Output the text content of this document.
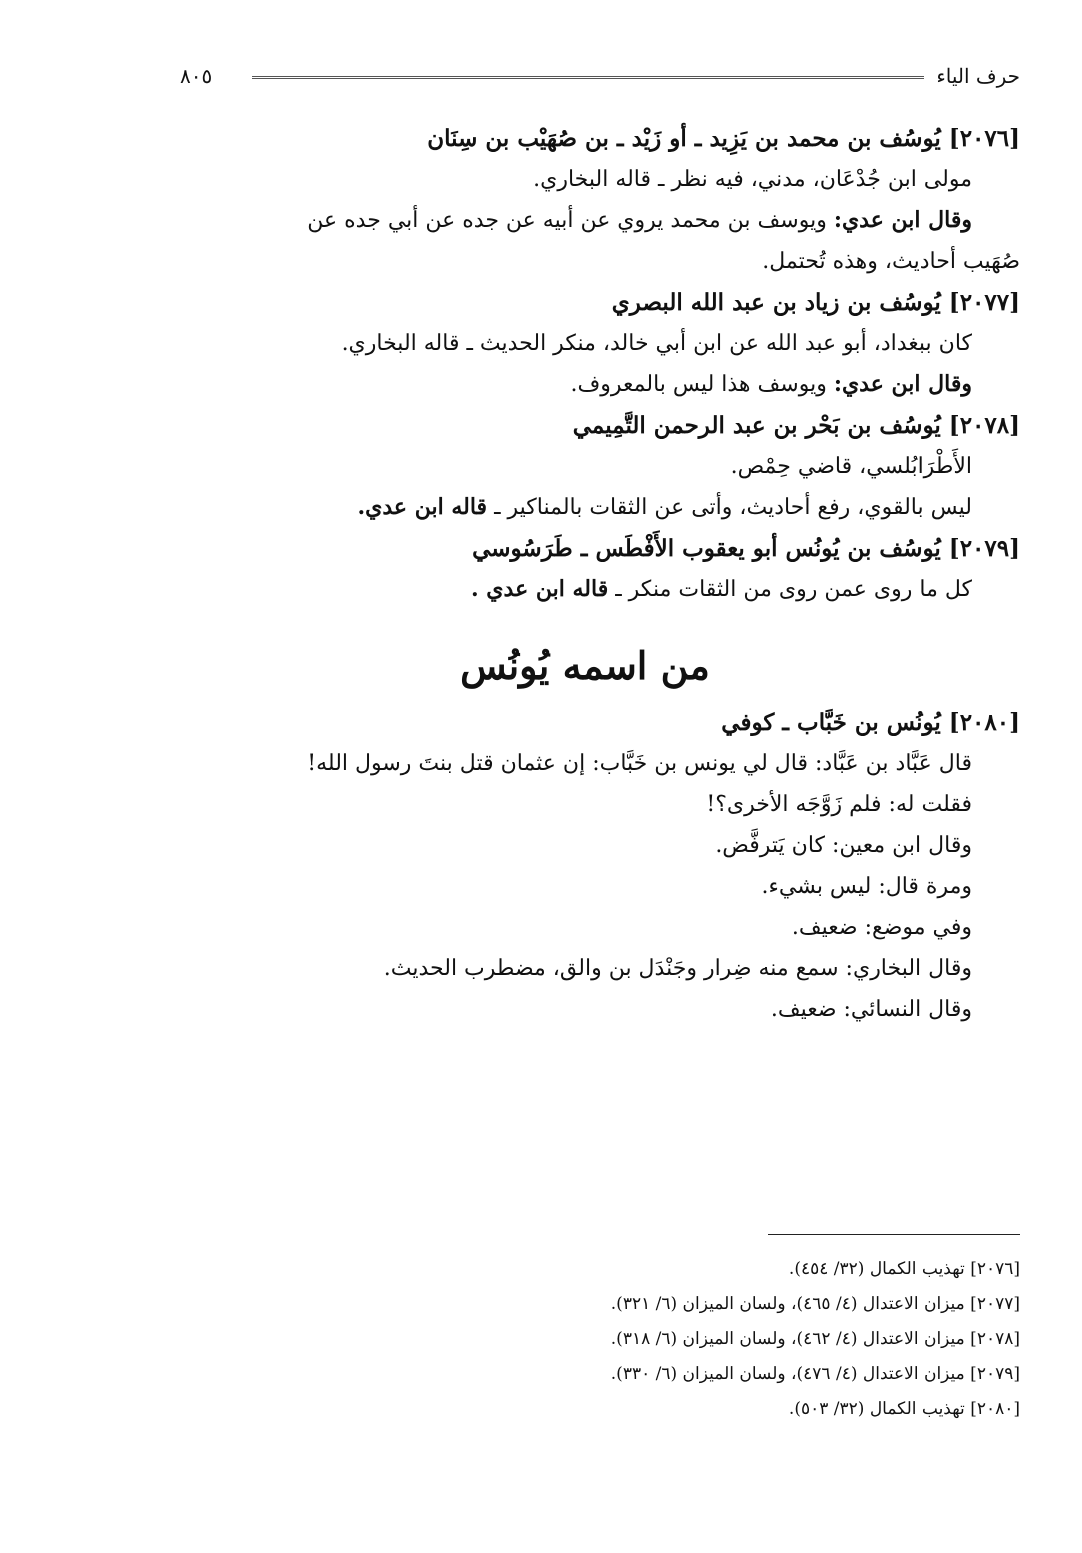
حرف الياء
٨٠٥
[٢٠٧٦] يُوسُف بن محمد بن يَزِيد ـ أو زَيْد ـ بن صُهَيْب بن سِنَان
مولى ابن جُدْعَان، مدني، فيه نظر ـ قاله البخاري.
وقال ابن عدي: ويوسف بن محمد يروي عن أبيه عن جده عن أبي جده عن
صُهَيب أحاديث، وهذه تُحتمل.
[٢٠٧٧] يُوسُف بن زياد بن عبد الله البصري
كان ببغداد، أبو عبد الله عن ابن أبي خالد، منكر الحديث ـ قاله البخاري.
وقال ابن عدي: ويوسف هذا ليس بالمعروف.
[٢٠٧٨] يُوسُف بن بَحْر بن عبد الرحمن التَّمِيمي
الأَطْرَابُلسي، قاضي حِمْص.
ليس بالقوي، رفع أحاديث، وأتى عن الثقات بالمناكير ـ قاله ابن عدي.
[٢٠٧٩] يُوسُف بن يُونُس أبو يعقوب الأَفْطَس ـ طَرَسُوسي
كل ما روى عمن روى من الثقات منكر ـ قاله ابن عدي .
من اسمه يُونُس
[٢٠٨٠] يُونُس بن خَبَّاب ـ كوفي
قال عَبَّاد بن عَبَّاد: قال لي يونس بن خَبَّاب: إن عثمان قتل بنتَ رسول الله!
فقلت له: فلم زَوَّجَه الأخرى؟!
وقال ابن معين: كان يَترفَّض.
ومرة قال: ليس بشيء.
وفي موضع: ضعيف.
وقال البخاري: سمع منه ضِرار وجَنْدَل بن والق، مضطرب الحديث.
وقال النسائي: ضعيف.
[٢٠٧٦] تهذيب الكمال (٣٢/ ٤٥٤).
[٢٠٧٧] ميزان الاعتدال (٤/ ٤٦٥)، ولسان الميزان (٦/ ٣٢١).
[٢٠٧٨] ميزان الاعتدال (٤/ ٤٦٢)، ولسان الميزان (٦/ ٣١٨).
[٢٠٧٩] ميزان الاعتدال (٤/ ٤٧٦)، ولسان الميزان (٦/ ٣٣٠).
[٢٠٨٠] تهذيب الكمال (٣٢/ ٥٠٣).
